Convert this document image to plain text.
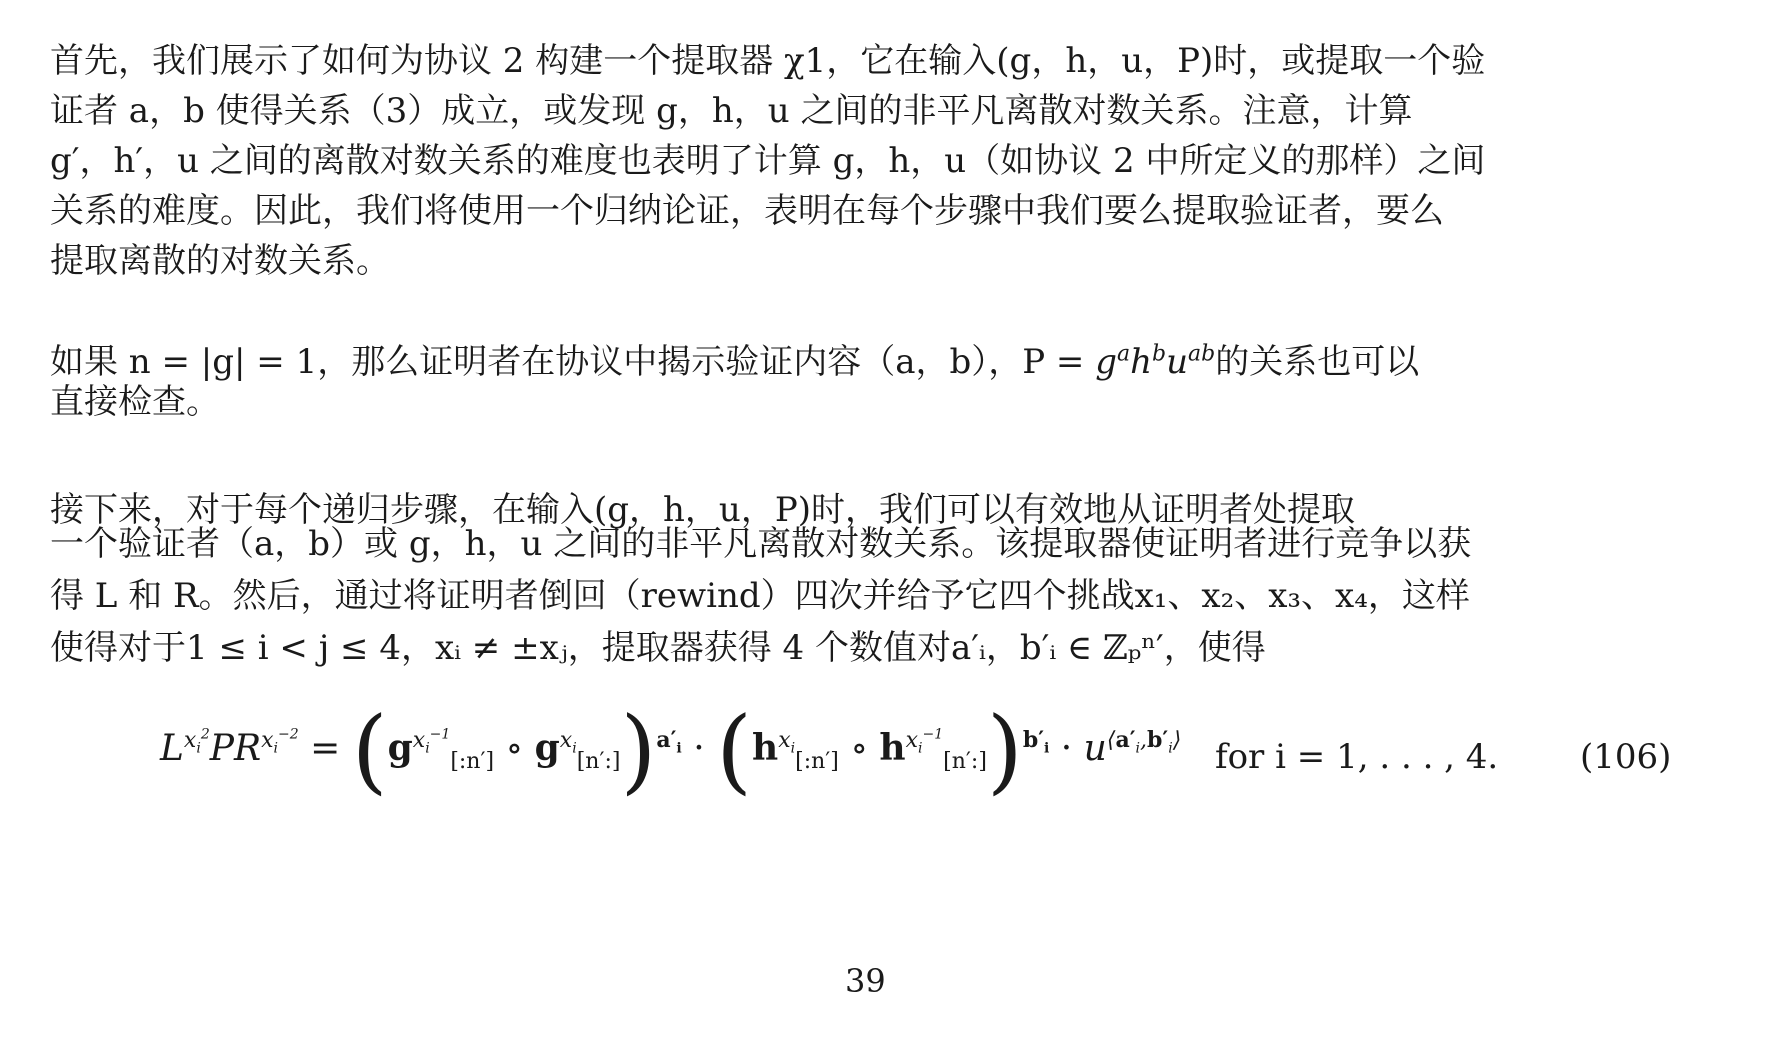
首先，我们展示了如何为协议 2 构建一个提取器 χ1，它在输入(g，h，u，P)时，或提取一个验
证者 a，b 使得关系（3）成立，或发现 g，h，u 之间的非平凡离散对数关系。注意，计算
g′，h′，u 之间的离散对数关系的难度也表明了计算 g，h，u（如协议 2 中所定义的那样）之间
关系的难度。因此，我们将使用一个归纳论证，表明在每个步骤中我们要么提取验证者，要么
提取离散的对数关系。

如果 n = |g| = 1，那么证明者在协议中揭示验证内容（a，b），$P = g^ah^bu^{ab}$的关系也可以
直接检查。

接下来，对于每个递归步骤，在输入(g，h，u，P)时，我们可以有效地从证明者处提取
一个验证者（a，b）或 g，h，u 之间的非平凡离散对数关系。该提取器使证明者进行竞争以获
得 L 和 R。然后，通过将证明者倒回（rewind）四次并给予它四个挑战x₁、x₂、x₃、x₄，这样
使得对于1 ≤ i < j ≤ 4，xᵢ ≠ ±xⱼ，提取器获得 4 个数值对a′ᵢ，b′ᵢ ∈ ℤₚⁿ′，使得

$L^{x_i^2}PR^{x_i^{-2}} = (g^{x_i^{-1}}_{[:n']}$ ∘ $g^{x_i}_{[n':]})^{a'_i} \cdot (h^{x_i}_{[:n']}$ ∘ $h^{x_i^{-1}}_{[n':]})^{b'_i} \cdot u^{⟨a'_i,b'_i⟩}$ for i = 1, . . . , 4. (106)
39
